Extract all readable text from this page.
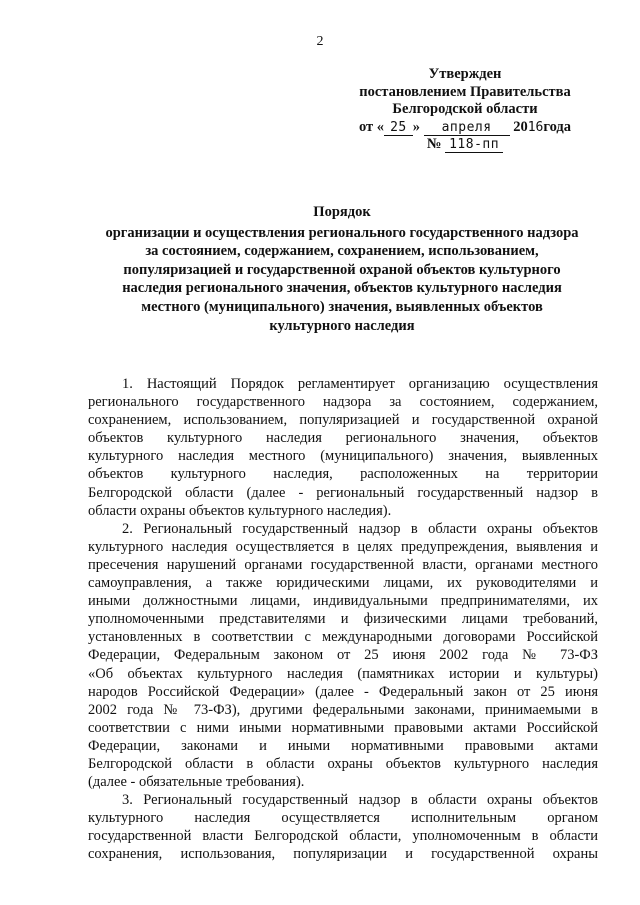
2
Утвержден
постановлением Правительства
Белгородской области
от « 25 » апреля 2016года
№ 118-пп
Порядок
организации и осуществления регионального государственного надзора
за состоянием, содержанием, сохранением, использованием,
популяризацией и государственной охраной объектов культурного
наследия регионального значения, объектов культурного наследия
местного (муниципального) значения, выявленных объектов
культурного наследия
1. Настоящий Порядок регламентирует организацию осуществления
регионального государственного надзора за состоянием, содержанием,
сохранением, использованием, популяризацией и государственной охраной
объектов культурного наследия регионального значения, объектов
культурного наследия местного (муниципального) значения, выявленных
объектов культурного наследия, расположенных на территории
Белгородской области (далее - региональный государственный надзор в
области охраны объектов культурного наследия).
2. Региональный государственный надзор в области охраны объектов
культурного наследия осуществляется в целях предупреждения, выявления и
пресечения нарушений органами государственной власти, органами местного
самоуправления, а также юридическими лицами, их руководителями и
иными должностными лицами, индивидуальными предпринимателями, их
уполномоченными представителями и физическими лицами требований,
установленных в соответствии с международными договорами Российской
Федерации, Федеральным законом от 25 июня 2002 года № 73-ФЗ
«Об объектах культурного наследия (памятниках истории и культуры)
народов Российской Федерации» (далее - Федеральный закон от 25 июня
2002 года № 73-ФЗ), другими федеральными законами, принимаемыми в
соответствии с ними иными нормативными правовыми актами Российской
Федерации, законами и иными нормативными правовыми актами
Белгородской области в области охраны объектов культурного наследия
(далее - обязательные требования).
3. Региональный государственный надзор в области охраны объектов
культурного наследия осуществляется исполнительным органом
государственной власти Белгородской области, уполномоченным в области
сохранения, использования, популяризации и государственной охраны
